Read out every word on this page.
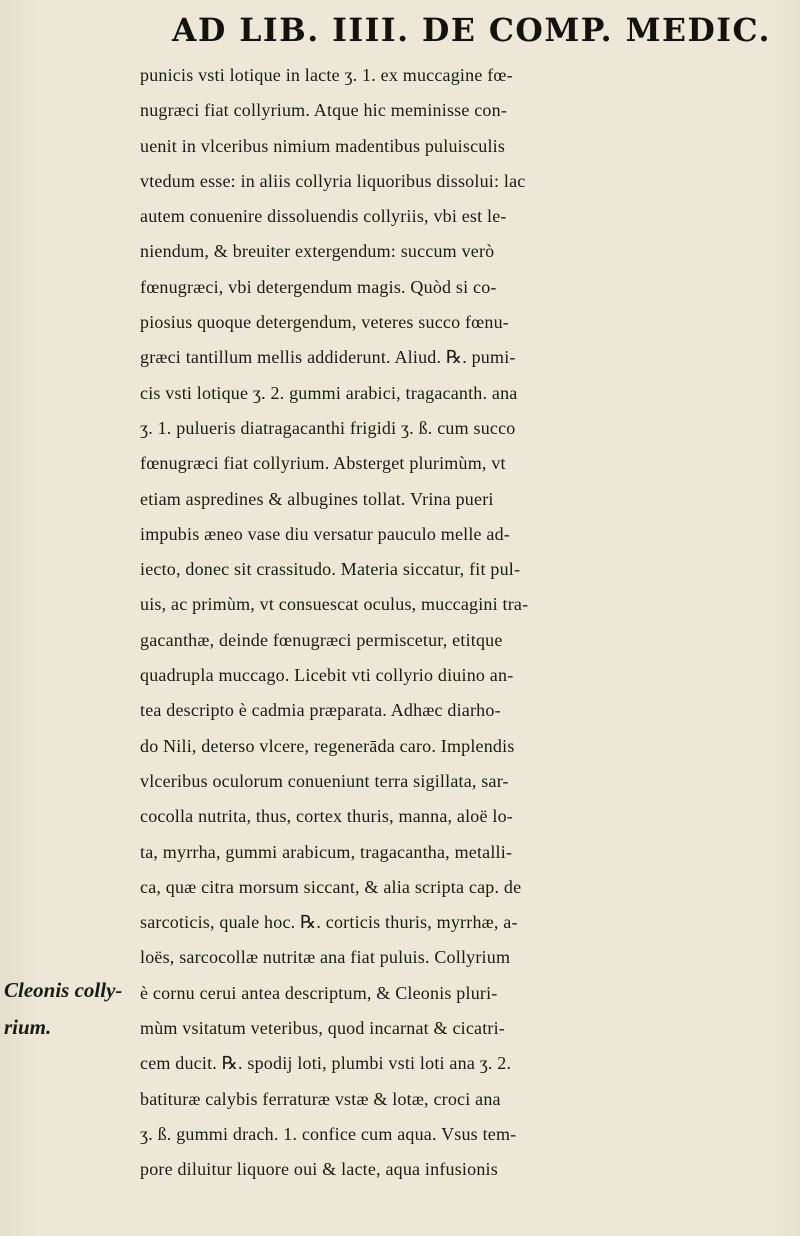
AD LIB. IIII. DE COMP. MEDIC.
Cleonis colly-
rium.
punicis vsti lotique in lacte ʒ. 1. ex muccagine fœ-
nugræci fiat collyrium. Atque hic meminisse con-
uenit in vlceribus nimium madentibus puluisculis
vtedum esse: in aliis collyria liquoribus dissolui: lac
autem conuenire dissoluendis collyriis, vbi est le-
niendum, & breuiter extergendum: succum verò
fœnugræci, vbi detergendum magis. Quòd si co-
piosius quoque detergendum, veteres succo fœnu-
græci tantillum mellis addiderunt. Aliud. ℞. pumi-
cis vsti lotique ʒ. 2. gummi arabici, tragacanth. ana
ʒ. 1. pulueris diatragacanthi frigidi ʒ. ß. cum succo
fœnugræci fiat collyrium. Absterget plurimùm, vt
etiam aspredines & albugines tollat. Vrina pueri
impubis æneo vase diu versatur pauculo melle ad-
iecto, donec sit crassitudo. Materia siccatur, fit pul-
uis, ac primùm, vt consuescat oculus, muccagini tra-
gacanthæ, deinde fœnugræci permiscetur, etitque
quadrupla muccago. Licebit vti collyrio diuino an-
tea descripto è cadmia præparata. Adhæc diarho-
do Nili, deterso vlcere, regenerāda caro. Implendis
vlceribus oculorum conueniunt terra sigillata, sar-
cocolla nutrita, thus, cortex thuris, manna, aloë lo-
ta, myrrha, gummi arabicum, tragacantha, metalli-
ca, quæ citra morsum siccant, & alia scripta cap. de
sarcoticis, quale hoc. ℞. corticis thuris, myrrhæ, a-
loës, sarcocollæ nutritæ ana fiat puluis. Collyrium
è cornu cerui antea descriptum, & Cleonis pluri-
mùm vsitatum veteribus, quod incarnat & cicatri-
cem ducit. ℞. spodij loti, plumbi vsti loti ana ʒ. 2.
batituræ calybis ferraturæ vstæ & lotæ, croci ana
ʒ. ß. gummi drach. 1. confice cum aqua. Vsus tem-
pore diluitur liquore oui & lacte, aqua infusionis
